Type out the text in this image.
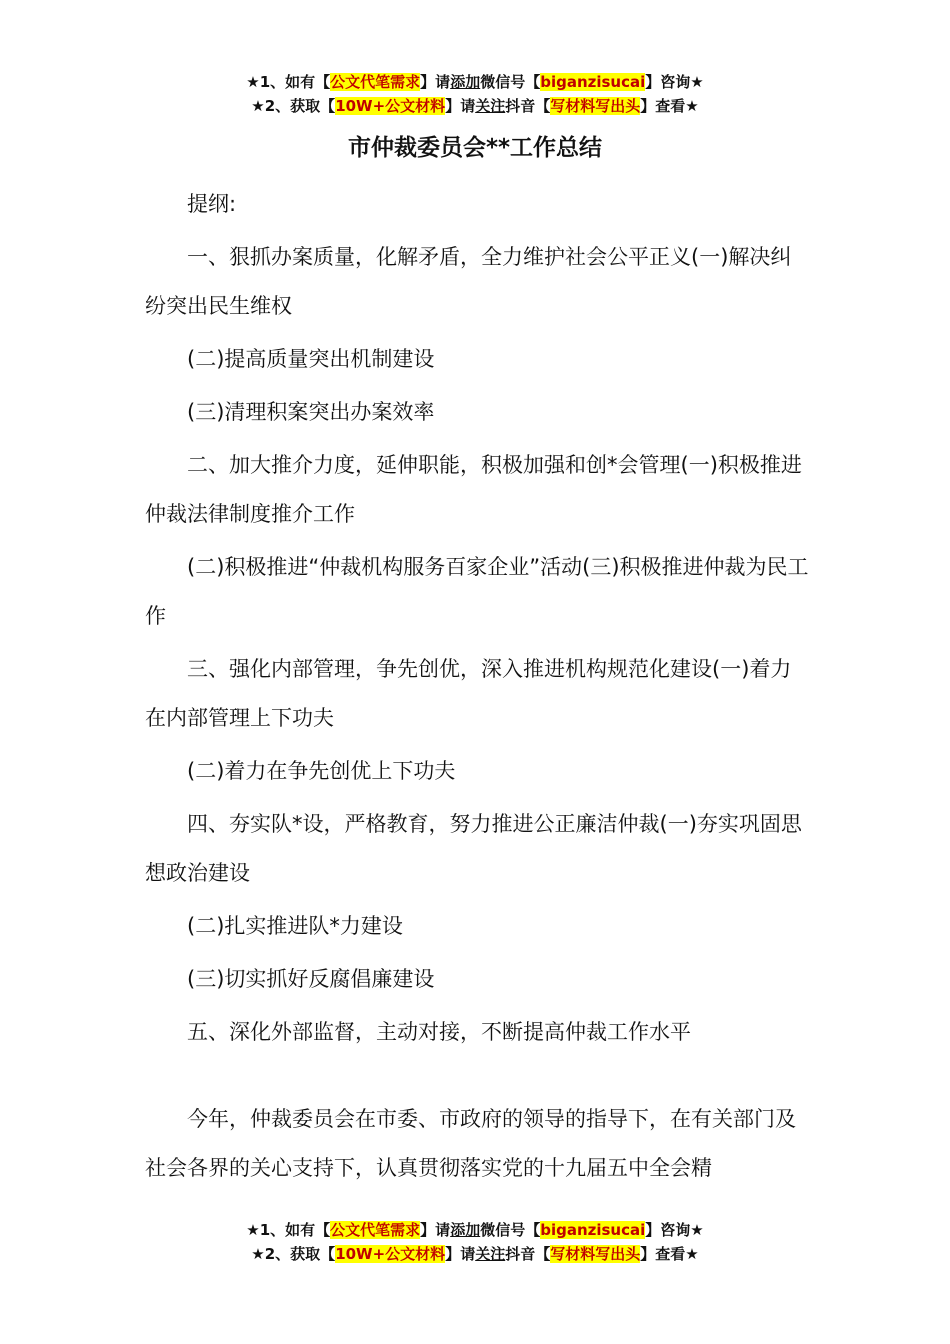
★1、如有【公文代笔需求】请添加微信号【biganzisucai】咨询★
★2、获取【10W+公文材料】请关注抖音【写材料写出头】查看★
市仲裁委员会**工作总结

提纲:

一、狠抓办案质量，化解矛盾，全力维护社会公平正义(一)解决纠纷突出民生维权

(二)提高质量突出机制建设

(三)清理积案突出办案效率

二、加大推介力度，延伸职能，积极加强和创*会管理(一)积极推进仲裁法律制度推介工作

(二)积极推进“仲裁机构服务百家企业”活动(三)积极推进仲裁为民工作

三、强化内部管理，争先创优，深入推进机构规范化建设(一)着力在内部管理上下功夫

(二)着力在争先创优上下功夫

四、夯实队*设，严格教育，努力推进公正廉洁仲裁(一)夯实巩固思想政治建设

(二)扎实推进队*力建设

(三)切实抓好反腐倡廉建设

五、深化外部监督，主动对接，不断提高仲裁工作水平

今年，仲裁委员会在市委、市政府的领导的指导下，在有关部门及社会各界的关心支持下，认真贯彻落实党的十九届五中全会精

★1、如有【公文代笔需求】请添加微信号【biganzisucai】咨询★
★2、获取【10W+公文材料】请关注抖音【写材料写出头】查看★
